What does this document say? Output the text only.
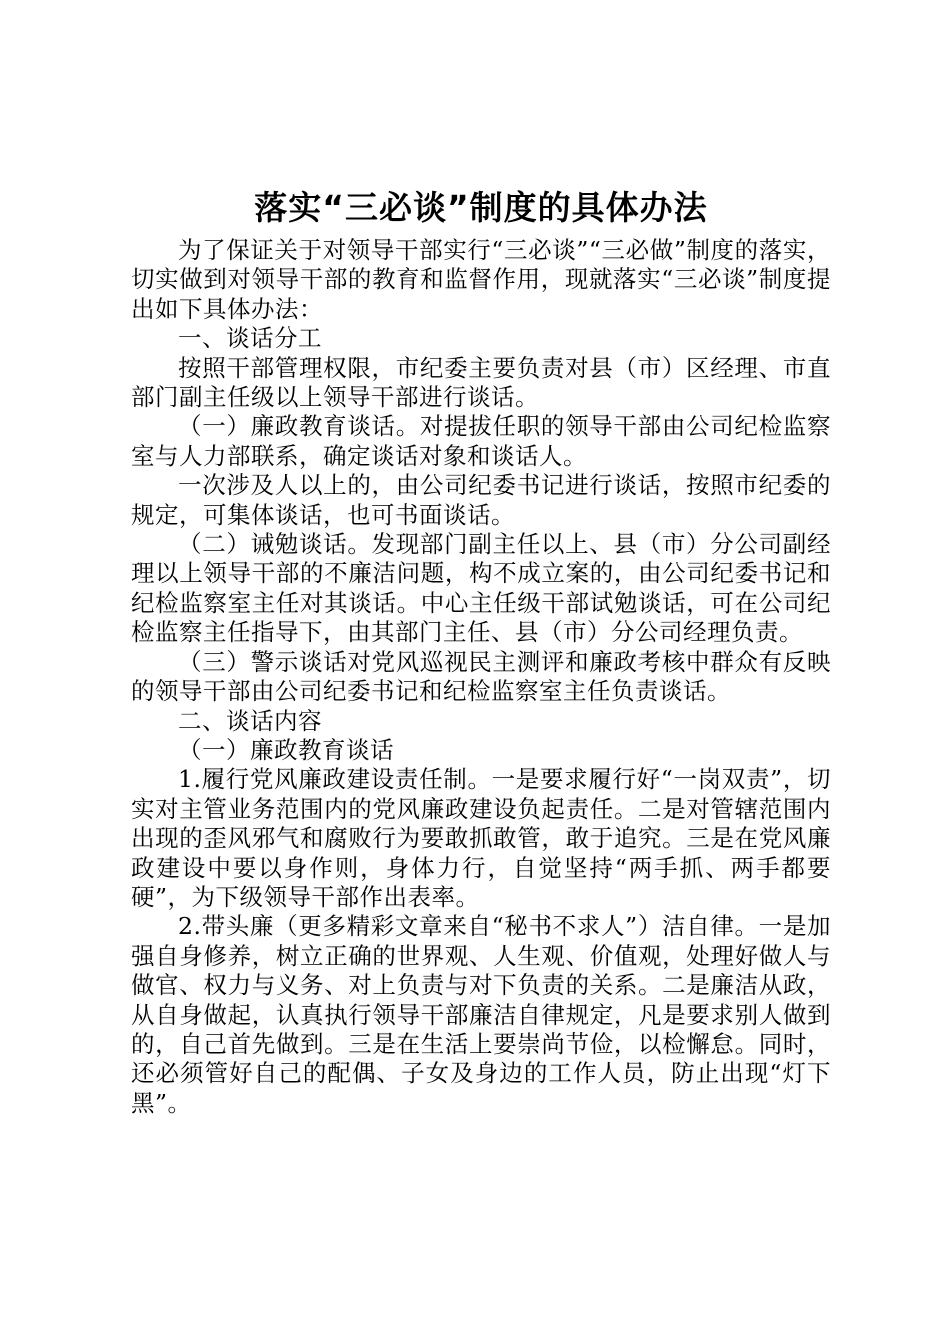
落实“三必谈”制度的具体办法

为了保证关于对领导干部实行“三必谈”“三必做”制度的落实，切实做到对领导干部的教育和监督作用，现就落实“三必谈”制度提出如下具体办法：

一、谈话分工

按照干部管理权限，市纪委主要负责对县（市）区经理、市直部门副主任级以上领导干部进行谈话。

（一）廉政教育谈话。对提拔任职的领导干部由公司纪检监察室与人力部联系，确定谈话对象和谈话人。

一次涉及人以上的，由公司纪委书记进行谈话，按照市纪委的规定，可集体谈话，也可书面谈话。

（二）诫勉谈话。发现部门副主任以上、县（市）分公司副经理以上领导干部的不廉洁问题，构不成立案的，由公司纪委书记和纪检监察室主任对其谈话。中心主任级干部试勉谈话，可在公司纪检监察主任指导下，由其部门主任、县（市）分公司经理负责。

（三）警示谈话对党风巡视民主测评和廉政考核中群众有反映的领导干部由公司纪委书记和纪检监察室主任负责谈话。

二、谈话内容

（一）廉政教育谈话

1.履行党风廉政建设责任制。一是要求履行好“一岗双责”，切实对主管业务范围内的党风廉政建设负起责任。二是对管辖范围内出现的歪风邪气和腐败行为要敢抓敢管，敢于追究。三是在党风廉政建设中要以身作则，身体力行，自觉坚持“两手抓、两手都要硬”，为下级领导干部作出表率。

2.带头廉（更多精彩文章来自“秘书不求人”）洁自律。一是加强自身修养，树立正确的世界观、人生观、价值观，处理好做人与做官、权力与义务、对上负责与对下负责的关系。二是廉洁从政，从自身做起，认真执行领导干部廉洁自律规定，凡是要求别人做到的，自己首先做到。三是在生活上要崇尚节俭，以检懈怠。同时，还必须管好自己的配偶、子女及身边的工作人员，防止出现“灯下黑”。
